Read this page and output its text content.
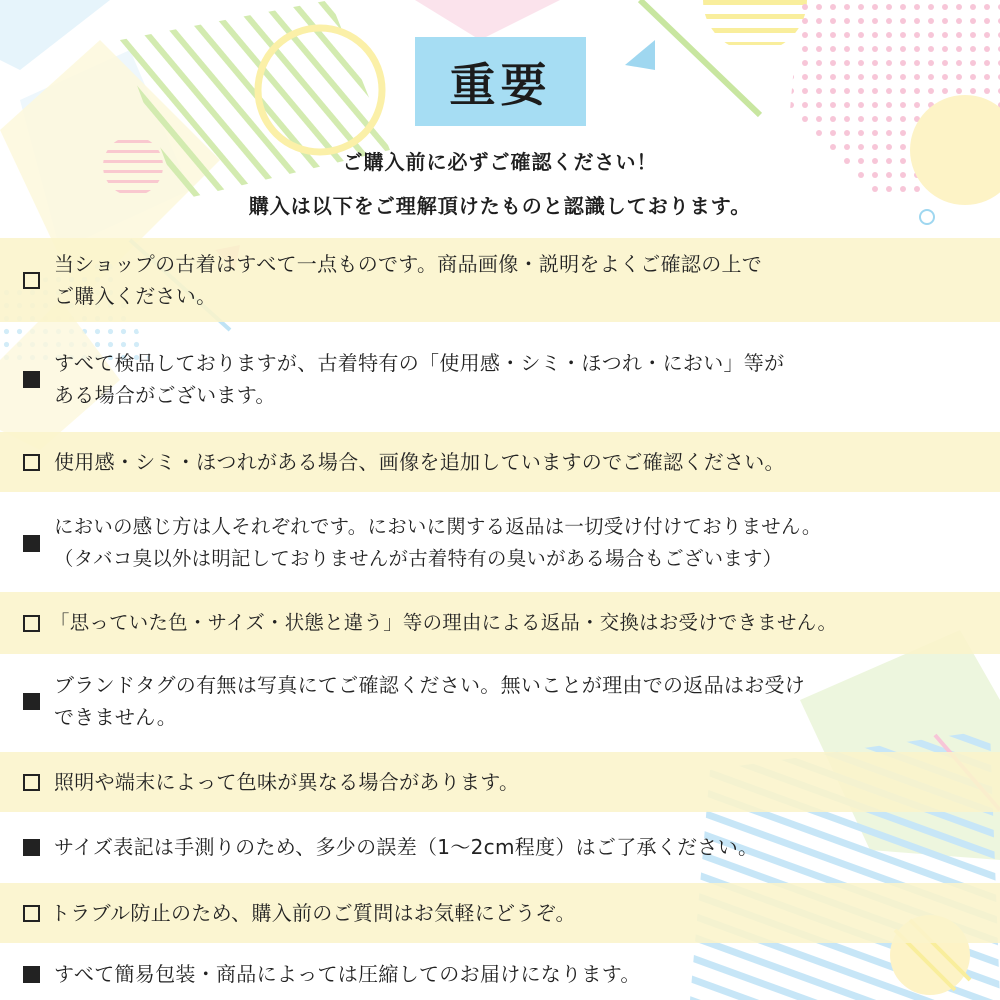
重要
ご購入前に必ずご確認ください！
購入は以下をご理解頂けたものと認識しております。
当ショップの古着はすべて一点ものです。商品画像・説明をよくご確認の上で
ご購入ください。
すべて検品しておりますが、古着特有の「使用感・シミ・ほつれ・におい」等が
ある場合がございます。
使用感・シミ・ほつれがある場合、画像を追加していますのでご確認ください。
においの感じ方は人それぞれです。においに関する返品は一切受け付けておりません。
（タバコ臭以外は明記しておりませんが古着特有の臭いがある場合もございます）
「思っていた色・サイズ・状態と違う」等の理由による返品・交換はお受けできません。
ブランドタグの有無は写真にてご確認ください。無いことが理由での返品はお受け
できません。
照明や端末によって色味が異なる場合があります。
サイズ表記は手測りのため、多少の誤差（1〜2cm程度）はご了承ください。
トラブル防止のため、購入前のご質問はお気軽にどうぞ。
すべて簡易包装・商品によっては圧縮してのお届けになります。
